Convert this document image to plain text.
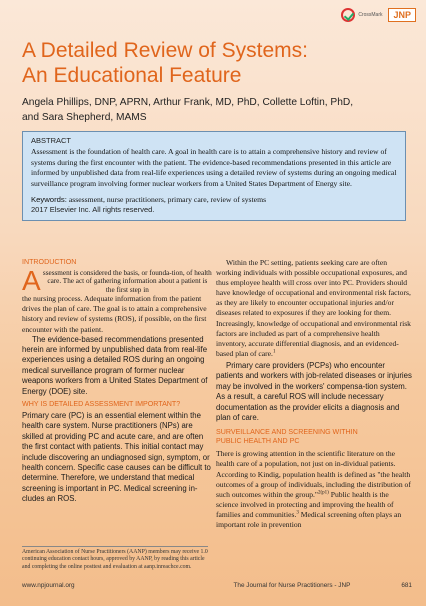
CrossMark	JNP
A Detailed Review of Systems:
An Educational Feature
Angela Phillips, DNP, APRN, Arthur Frank, MD, PhD, Collette Loftin, PhD,
and Sara Shepherd, MAMS
ABSTRACT

Assessment is the foundation of health care. A goal in health care is to attain a comprehensive history and review of systems during the first encounter with the patient. The evidence-based recommendations presented in this article are informed by unpublished data from real-life experiences using a detailed review of systems during an ongoing medical surveillance program involving former nuclear workers from a United States Department of Energy site.

Keywords: assessment, nurse practitioners, primary care, review of systems
2017 Elsevier Inc. All rights reserved.
INTRODUCTION
A ssessment is considered the basis, or founda-tion, of health care. The act of gathering information about a patient is the first step in

the nursing process. Adequate information from the patient drives the plan of care. The goal is to attain a comprehensive history and review of systems (ROS), if possible, on the first encounter with the patient.

The evidence-based recommendations presented herein are informed by unpublished data from real-life experiences using a detailed ROS during an ongoing medical surveillance program of former nuclear weapons workers from a United States Department of Energy (DOE) site.

WHY IS DETAILED ASSESSMENT IMPORTANT?

Primary care (PC) is an essential element within the health care system. Nurse practitioners (NPs) are skilled at providing PC and acute care, and are often the first contact with patients. This initial contact may include discovering an undiagnosed sign, symptom, or health concern. Specific case causes can be difficult to determine. Therefore, we understand that medical screening is important in PC. Medical screening in-cludes an ROS.

American Association of Nurse Practitioners (AANP) members may receive 1.0 continuing education contact hours, approved by AANP, by reading this article and completing the online posttest and evaluation at aanp.inreachce.com.

Within the PC setting, patients seeking care are often working individuals with possible occupational exposures, and thus employee health will cross over into PC. Providers should have knowledge of occupational and environmental risk factors, as they are likely to encounter occupational injuries and/or diseases related to exposures if they are looking for them. Increasingly, knowledge of occupational and environmental risk factors are included as part of a comprehensive health inventory, accurate differential diagnosis, and an evidenced-based plan of care.$^1$

Primary care providers (PCPs) who encounter patients and workers with job-related diseases or injuries may be involved in the workers' compensa-tion system. As a result, a careful ROS will include necessary documentation as the provider elicits a diagnosis and plan of care.

SURVEILLANCE AND SCREENING WITHIN
PUBLIC HEALTH AND PC

There is growing attention in the scientific literature on the health care of a population, not just on in-dividual patients. According to Kindig, population health is defined as "the health outcomes of a group of individuals, including the distribution of such outcomes within the group."$^{2(p1)}$ Public health is the science involved in protecting and improving the health of families and communities.$^3$ Medical screening often plays an important role in prevention

www.npjournal.org	The Journal for Nurse Practitioners - JNP	681
